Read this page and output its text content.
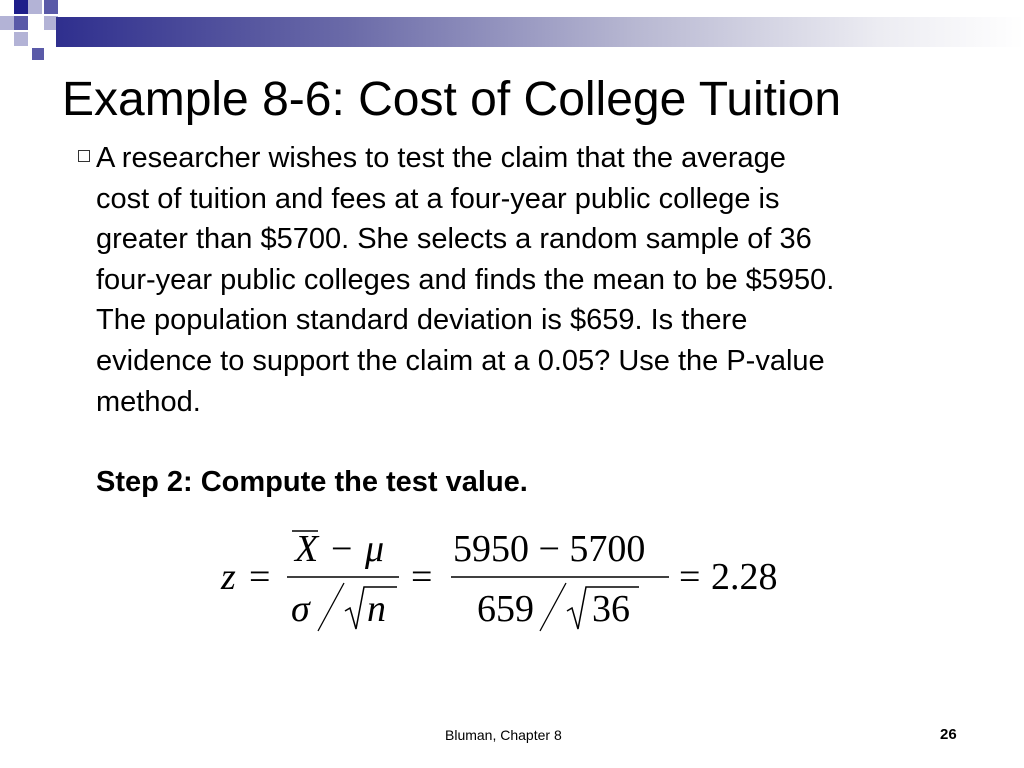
Example 8-6: Cost of College Tuition

A researcher wishes to test the claim that the average

cost of tuition and fees at a four-year public college is

greater than $5700. She selects a random sample of 36

four-year public colleges and finds the mean to be $5950.

The population standard deviation is $659. Is there

evidence to support the claim at a 0.05? Use the P-value

method.

Step 2: Compute the test value.
z =
X − μ
σ n
=
5950 − 5700
659 36
= 2.28
Bluman, Chapter 8	26
